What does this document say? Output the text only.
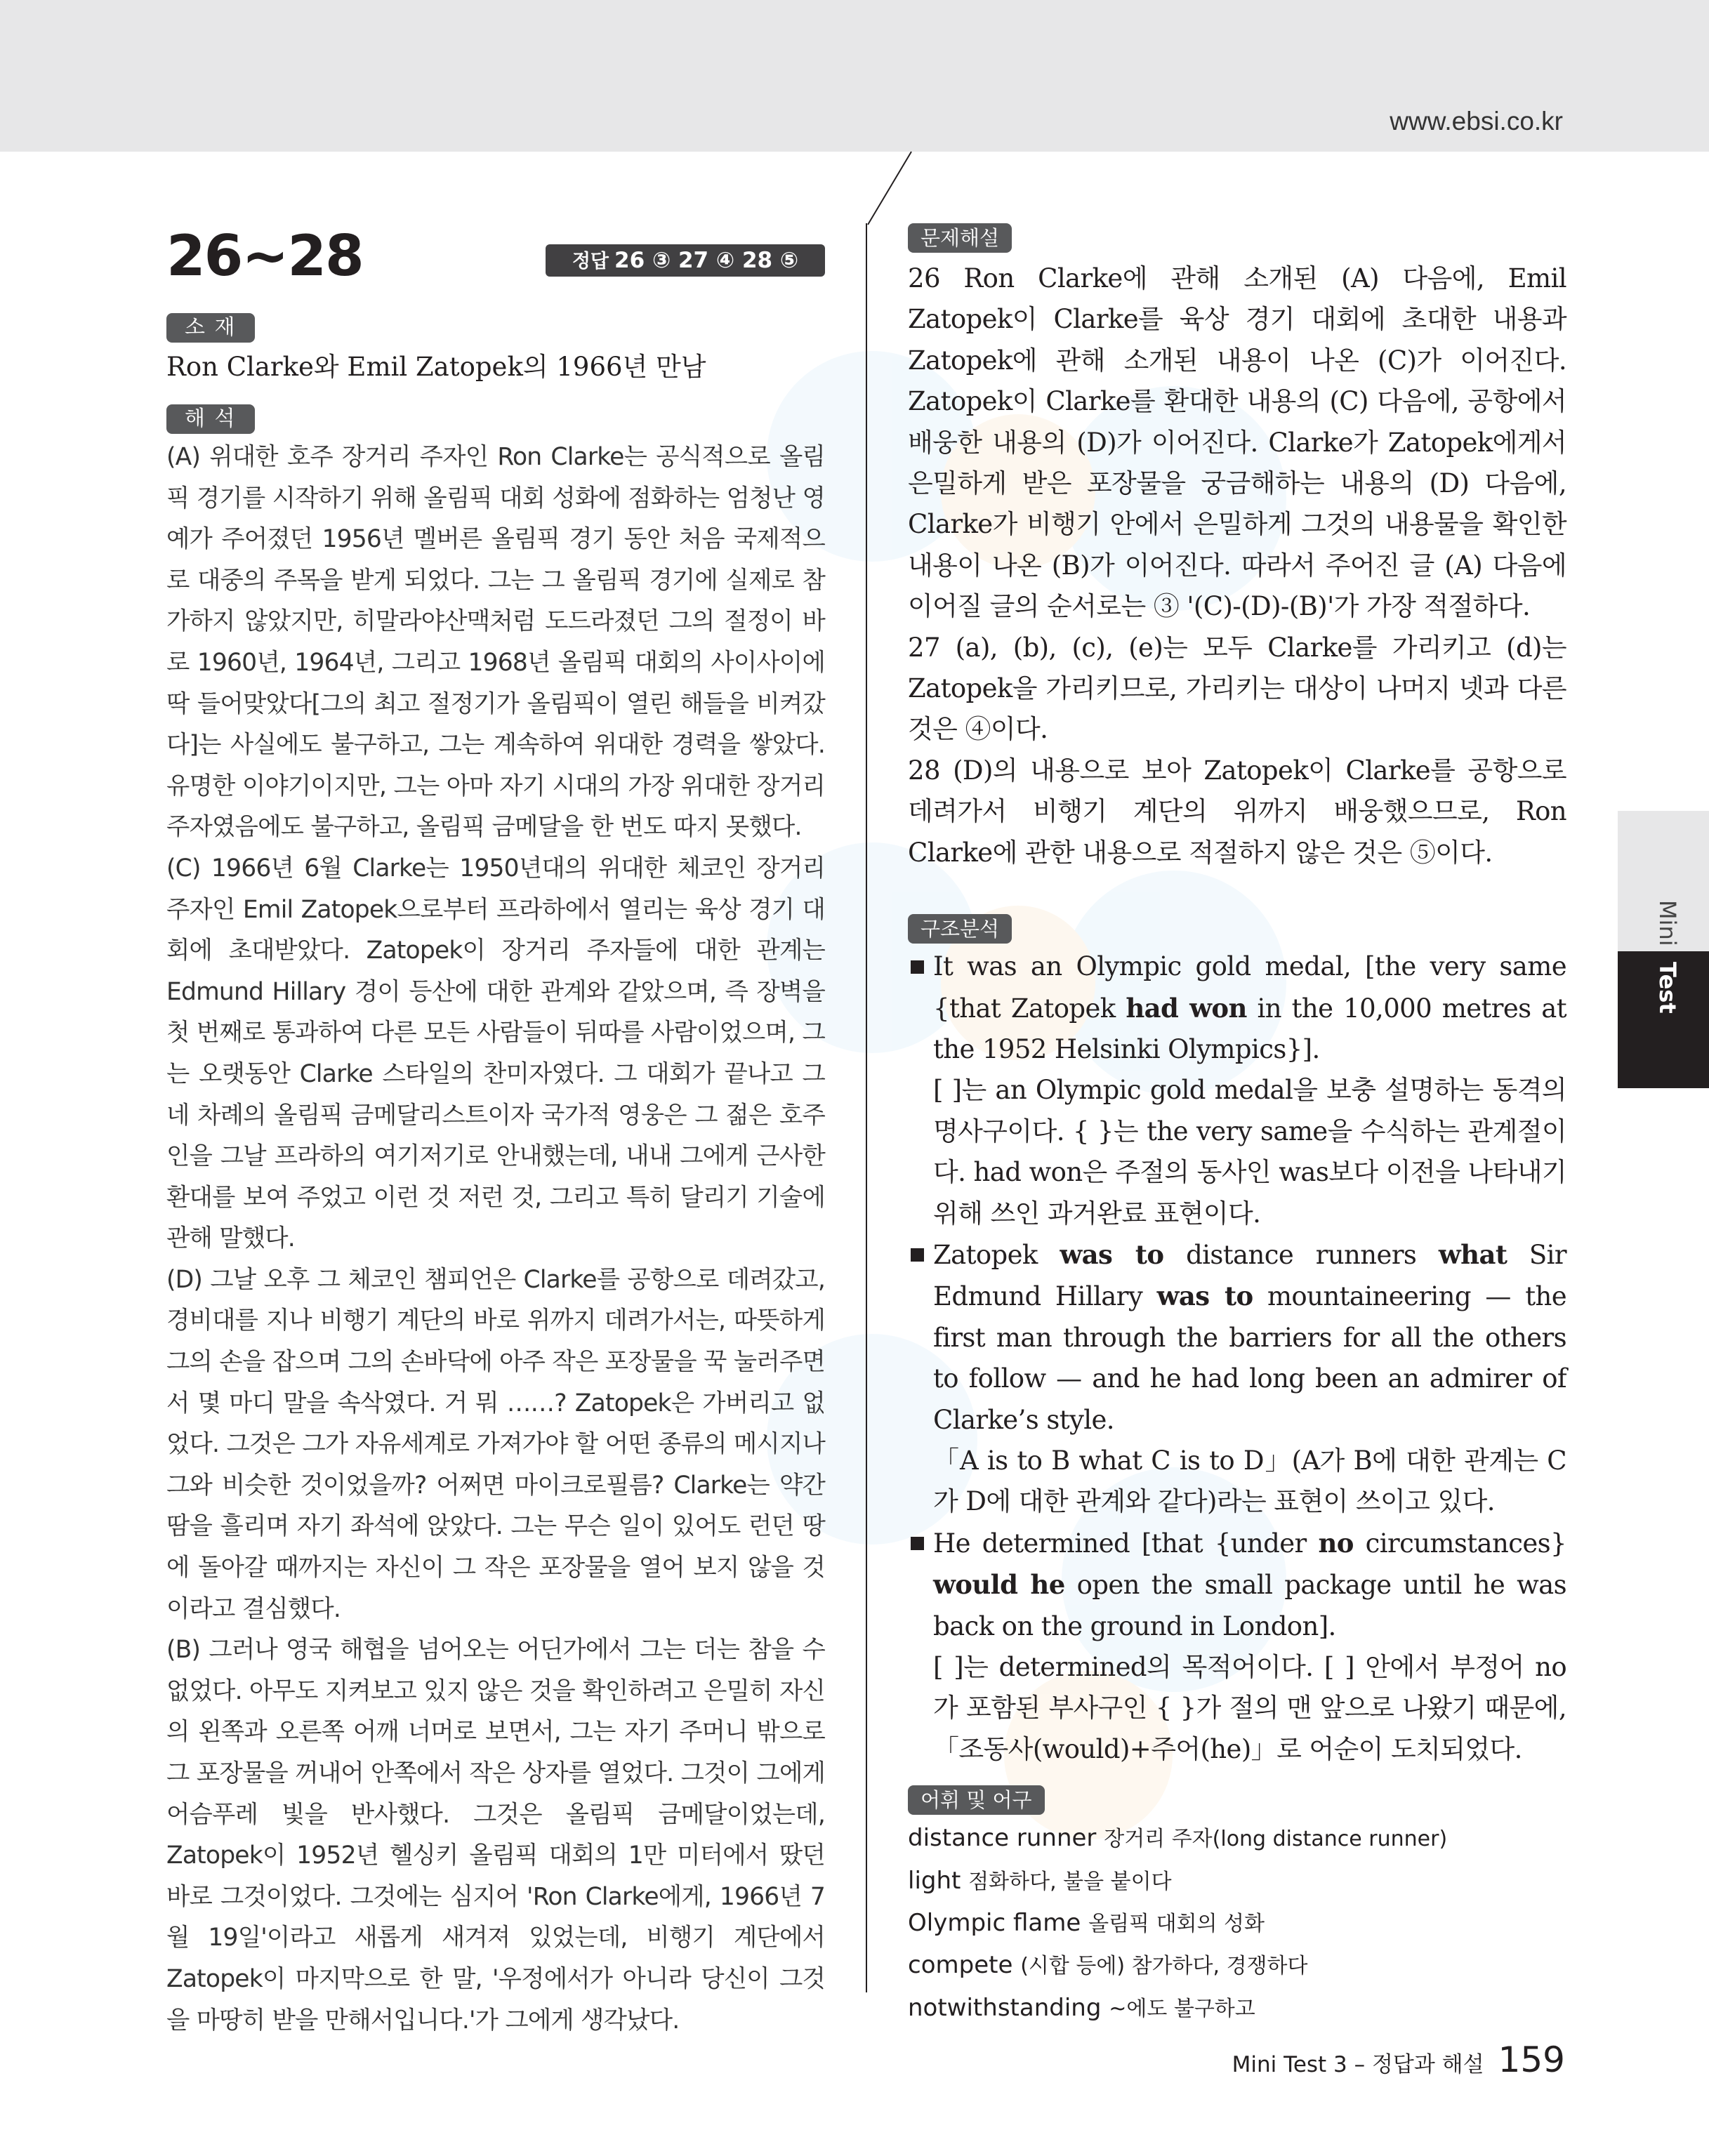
www.ebsi.co.kr
26~28	정답 26 ③ 27 ④ 28 ⑤
소 재
Ron Clarke와 Emil Zatopek의 1966년 만남
해 석

(A) 위대한 호주 장거리 주자인 Ron Clarke는 공식적으로 올림픽 경기를 시작하기 위해 올림픽 대회 성화에 점화하는 엄청난 영예가 주어졌던 1956년 멜버른 올림픽 경기 동안 처음 국제적으로 대중의 주목을 받게 되었다. 그는 그 올림픽 경기에 실제로 참가하지 않았지만, 히말라야산맥처럼 도드라졌던 그의 절정이 바로 1960년, 1964년, 그리고 1968년 올림픽 대회의 사이사이에 딱 들어맞았다[그의 최고 절정기가 올림픽이 열린 해들을 비켜갔다]는 사실에도 불구하고, 그는 계속하여 위대한 경력을 쌓았다. 유명한 이야기이지만, 그는 아마 자기 시대의 가장 위대한 장거리 주자였음에도 불구하고, 올림픽 금메달을 한 번도 따지 못했다.

(C) 1966년 6월 Clarke는 1950년대의 위대한 체코인 장거리 주자인 Emil Zatopek으로부터 프라하에서 열리는 육상 경기 대회에 초대받았다. Zatopek이 장거리 주자들에 대한 관계는 Edmund Hillary 경이 등산에 대한 관계와 같았으며, 즉 장벽을 첫 번째로 통과하여 다른 모든 사람들이 뒤따를 사람이었으며, 그는 오랫동안 Clarke 스타일의 찬미자였다. 그 대회가 끝나고 그 네 차례의 올림픽 금메달리스트이자 국가적 영웅은 그 젊은 호주인을 그날 프라하의 여기저기로 안내했는데, 내내 그에게 근사한 환대를 보여 주었고 이런 것 저런 것, 그리고 특히 달리기 기술에 관해 말했다.

(D) 그날 오후 그 체코인 챔피언은 Clarke를 공항으로 데려갔고, 경비대를 지나 비행기 계단의 바로 위까지 데려가서는, 따뜻하게 그의 손을 잡으며 그의 손바닥에 아주 작은 포장물을 꾹 눌러주면서 몇 마디 말을 속삭였다. 거 뭐 ……? Zatopek은 가버리고 없었다. 그것은 그가 자유세계로 가져가야 할 어떤 종류의 메시지나 그와 비슷한 것이었을까? 어쩌면 마이크로필름? Clarke는 약간 땀을 흘리며 자기 좌석에 앉았다. 그는 무슨 일이 있어도 런던 땅에 돌아갈 때까지는 자신이 그 작은 포장물을 열어 보지 않을 것이라고 결심했다.

(B) 그러나 영국 해협을 넘어오는 어딘가에서 그는 더는 참을 수 없었다. 아무도 지켜보고 있지 않은 것을 확인하려고 은밀히 자신의 왼쪽과 오른쪽 어깨 너머로 보면서, 그는 자기 주머니 밖으로 그 포장물을 꺼내어 안쪽에서 작은 상자를 열었다. 그것이 그에게 어슴푸레 빛을 반사했다. 그것은 올림픽 금메달이었는데, Zatopek이 1952년 헬싱키 올림픽 대회의 1만 미터에서 땄던 바로 그것이었다. 그것에는 심지어 'Ron Clarke에게, 1966년 7월 19일'이라고 새롭게 새겨져 있었는데, 비행기 계단에서 Zatopek이 마지막으로 한 말, '우정에서가 아니라 당신이 그것을 마땅히 받을 만해서입니다.'가 그에게 생각났다.

문제해설

26 Ron Clarke에 관해 소개된 (A) 다음에, Emil Zatopek이 Clarke를 육상 경기 대회에 초대한 내용과 Zatopek에 관해 소개된 내용이 나온 (C)가 이어진다. Zatopek이 Clarke를 환대한 내용의 (C) 다음에, 공항에서 배웅한 내용의 (D)가 이어진다. Clarke가 Zatopek에게서 은밀하게 받은 포장물을 궁금해하는 내용의 (D) 다음에, Clarke가 비행기 안에서 은밀하게 그것의 내용물을 확인한 내용이 나온 (B)가 이어진다. 따라서 주어진 글 (A) 다음에 이어질 글의 순서로는 ③ '(C)-(D)-(B)'가 가장 적절하다.

27 (a), (b), (c), (e)는 모두 Clarke를 가리키고 (d)는 Zatopek을 가리키므로, 가리키는 대상이 나머지 넷과 다른 것은 ④이다.

28 (D)의 내용으로 보아 Zatopek이 Clarke를 공항으로 데려가서 비행기 계단의 위까지 배웅했으므로, Ron Clarke에 관한 내용으로 적절하지 않은 것은 ⑤이다.

구조분석
It was an Olympic gold medal, [the very same {that Zatopek had won in the 10,000 metres at the 1952 Helsinki Olympics}].
[ ]는 an Olympic gold medal을 보충 설명하는 동격의 명사구이다. { }는 the very same을 수식하는 관계절이다. had won은 주절의 동사인 was보다 이전을 나타내기 위해 쓰인 과거완료 표현이다.
Zatopek was to distance runners what Sir Edmund Hillary was to mountaineering — the first man through the barriers for all the others to follow — and he had long been an admirer of Clarke’s style.
「A is to B what C is to D」(A가 B에 대한 관계는 C가 D에 대한 관계와 같다)라는 표현이 쓰이고 있다.
He determined [that {under no circumstances} would he open the small package until he was back on the ground in London].
[ ]는 determined의 목적어이다. [ ] 안에서 부정어 no가 포함된 부사구인 { }가 절의 맨 앞으로 나왔기 때문에, 「조동사(would)+주어(he)」로 어순이 도치되었다.
어휘 및 어구
distance runner 장거리 주자(long distance runner)
light 점화하다, 불을 붙이다
Olympic flame 올림픽 대회의 성화
compete (시합 등에) 참가하다, 경쟁하다
notwithstanding ~에도 불구하고
Mini
Test
Mini Test 3 – 정답과 해설 159
